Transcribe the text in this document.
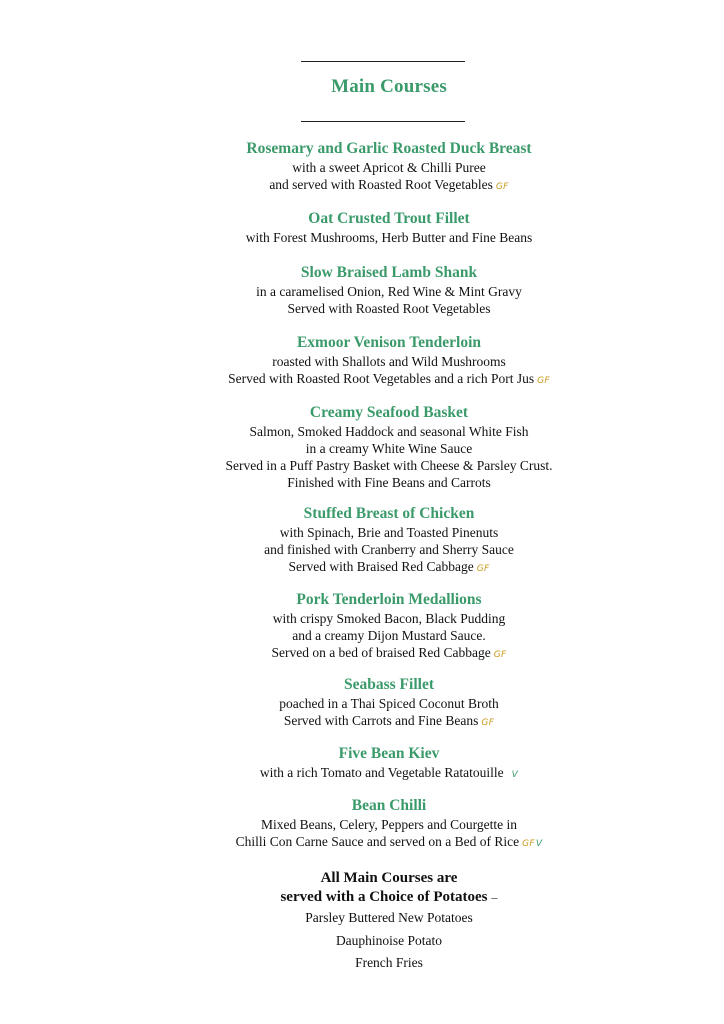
Main Courses
Rosemary and Garlic Roasted Duck Breast
with a sweet Apricot & Chilli Puree
and served with Roasted Root Vegetables GF
Oat Crusted Trout Fillet
with Forest Mushrooms, Herb Butter and Fine Beans
Slow Braised Lamb Shank
in a caramelised Onion, Red Wine & Mint Gravy
Served with Roasted Root Vegetables
Exmoor Venison Tenderloin
roasted with Shallots and Wild Mushrooms
Served with Roasted Root Vegetables and a rich Port Jus GF
Creamy Seafood Basket
Salmon, Smoked Haddock and seasonal White Fish
in a creamy White Wine Sauce
Served in a Puff Pastry Basket with Cheese & Parsley Crust.
Finished with Fine Beans and Carrots
Stuffed Breast of Chicken
with Spinach, Brie and Toasted Pinenuts
and finished with Cranberry and Sherry Sauce
Served with Braised Red Cabbage GF
Pork Tenderloin Medallions
with crispy Smoked Bacon, Black Pudding
and a creamy Dijon Mustard Sauce.
Served on a bed of braised Red Cabbage GF
Seabass Fillet
poached in a Thai Spiced Coconut Broth
Served with Carrots and Fine Beans GF
Five Bean Kiev
with a rich Tomato and Vegetable Ratatouille V
Bean Chilli
Mixed Beans, Celery, Peppers and Courgette in
Chilli Con Carne Sauce and served on a Bed of Rice GFV
All Main Courses are
served with a Choice of Potatoes –
Parsley Buttered New Potatoes
Dauphinoise Potato
French Fries
